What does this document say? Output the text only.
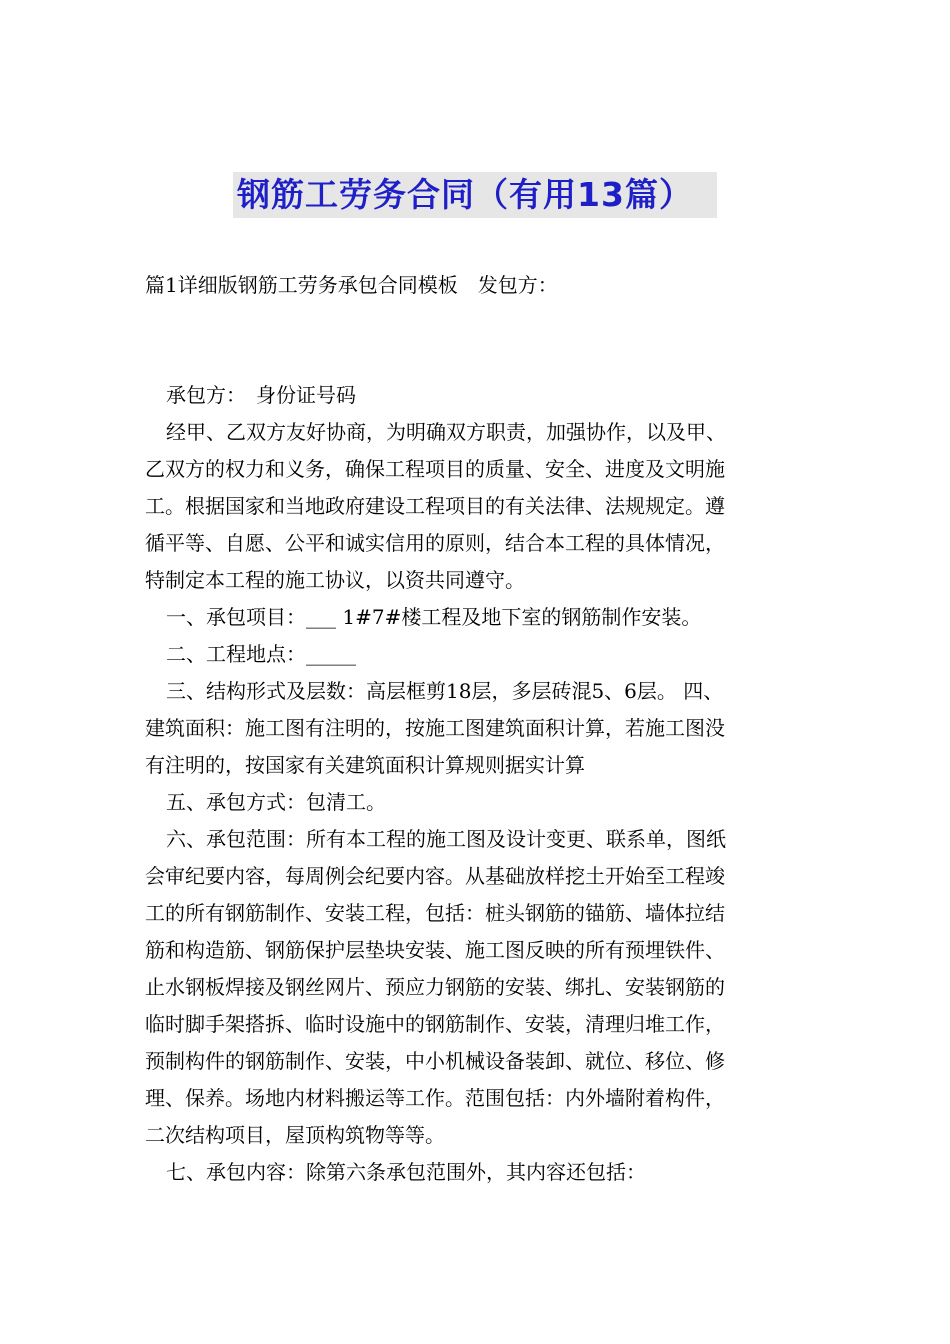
钢筋工劳务合同（有用13篇）
篇1详细版钢筋工劳务承包合同模板　发包方：

承包方：　身份证号码

经甲、乙双方友好协商，为明确双方职责，加强协作，以及甲、
乙双方的权力和义务，确保工程项目的质量、安全、进度及文明施
工。根据国家和当地政府建设工程项目的有关法律、法规规定。遵
循平等、自愿、公平和诚实信用的原则，结合本工程的具体情况，
特制定本工程的施工协议，以资共同遵守。

一、承包项目：___ 1#7#楼工程及地下室的钢筋制作安装。

二、工程地点：_____

三、结构形式及层数：高层框剪18层，多层砖混5、6层。 四、
建筑面积：施工图有注明的，按施工图建筑面积计算，若施工图没
有注明的，按国家有关建筑面积计算规则据实计算

五、承包方式：包清工。

六、承包范围：所有本工程的施工图及设计变更、联系单，图纸
会审纪要内容，每周例会纪要内容。从基础放样挖土开始至工程竣
工的所有钢筋制作、安装工程，包括：桩头钢筋的锚筋、墙体拉结
筋和构造筋、钢筋保护层垫块安装、施工图反映的所有预埋铁件、
止水钢板焊接及钢丝网片、预应力钢筋的安装、绑扎、安装钢筋的
临时脚手架搭拆、临时设施中的钢筋制作、安装，清理归堆工作，
预制构件的钢筋制作、安装，中小机械设备装卸、就位、移位、修
理、保养。场地内材料搬运等工作。范围包括：内外墙附着构件，
二次结构项目，屋顶构筑物等等。

七、承包内容：除第六条承包范围外，其内容还包括：
